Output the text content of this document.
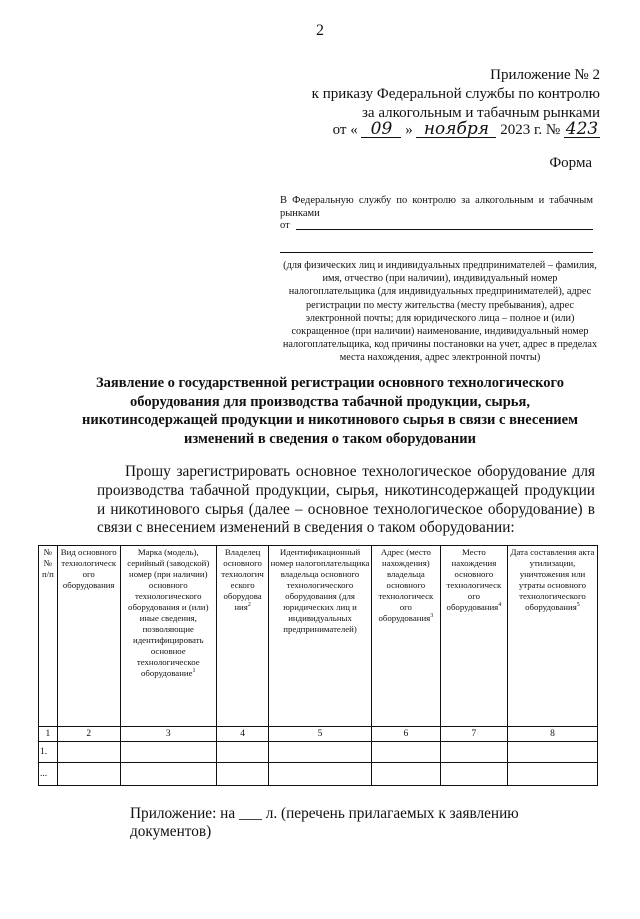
2
Приложение № 2
к приказу Федеральной службы по контролю
за алкогольным и табачным рынками
от « 09 » ноября 2023 г. № 423
Форма
В Федеральную службу по контролю за алкогольным и табачным рынками
от
(для физических лиц и индивидуальных предпринимателей – фамилия, имя, отчество (при наличии), индивидуальный номер налогоплательщика (для индивидуальных предпринимателей), адрес регистрации по месту жительства (месту пребывания), адрес электронной почты; для юридического лица – полное и (или) сокращенное (при наличии) наименование, индивидуальный номер налогоплательщика, код причины постановки на учет, адрес в пределах места нахождения, адрес электронной почты)
Заявление о государственной регистрации основного технологического оборудования для производства табачной продукции, сырья, никотинсодержащей продукции и никотинового сырья в связи с внесением изменений в сведения о таком оборудовании
Прошу зарегистрировать основное технологическое оборудование для производства табачной продукции, сырья, никотинсодержащей продукции и никотинового сырья (далее – основное технологическое оборудование) в связи с внесением изменений в сведения о таком оборудовании:
№
№
п/п	Вид основного технологическ ого оборудования	Марка (модель), серийный (заводской) номер (при наличии) основного технологического оборудования и (или) иные сведения, позволяющие идентифицировать основное технологическое оборудование$^1$	Владелец основного технологич еского оборудова ния$^2$	Идентификационный номер налогоплательщика владельца основного технологического оборудования (для юридических лиц и индивидуальных предпринимателей)	Адрес (место нахождения) владельца основного технологическ ого оборудования$^3$	Место нахождения основного технологическ ого оборудования$^4$	Дата составления акта утилизации, уничтожения или утраты основного технологического оборудования$^5$
1	2	3	4	5	6	7	8
1.							
...							
Приложение: на ___ л. (перечень прилагаемых к заявлению документов)
